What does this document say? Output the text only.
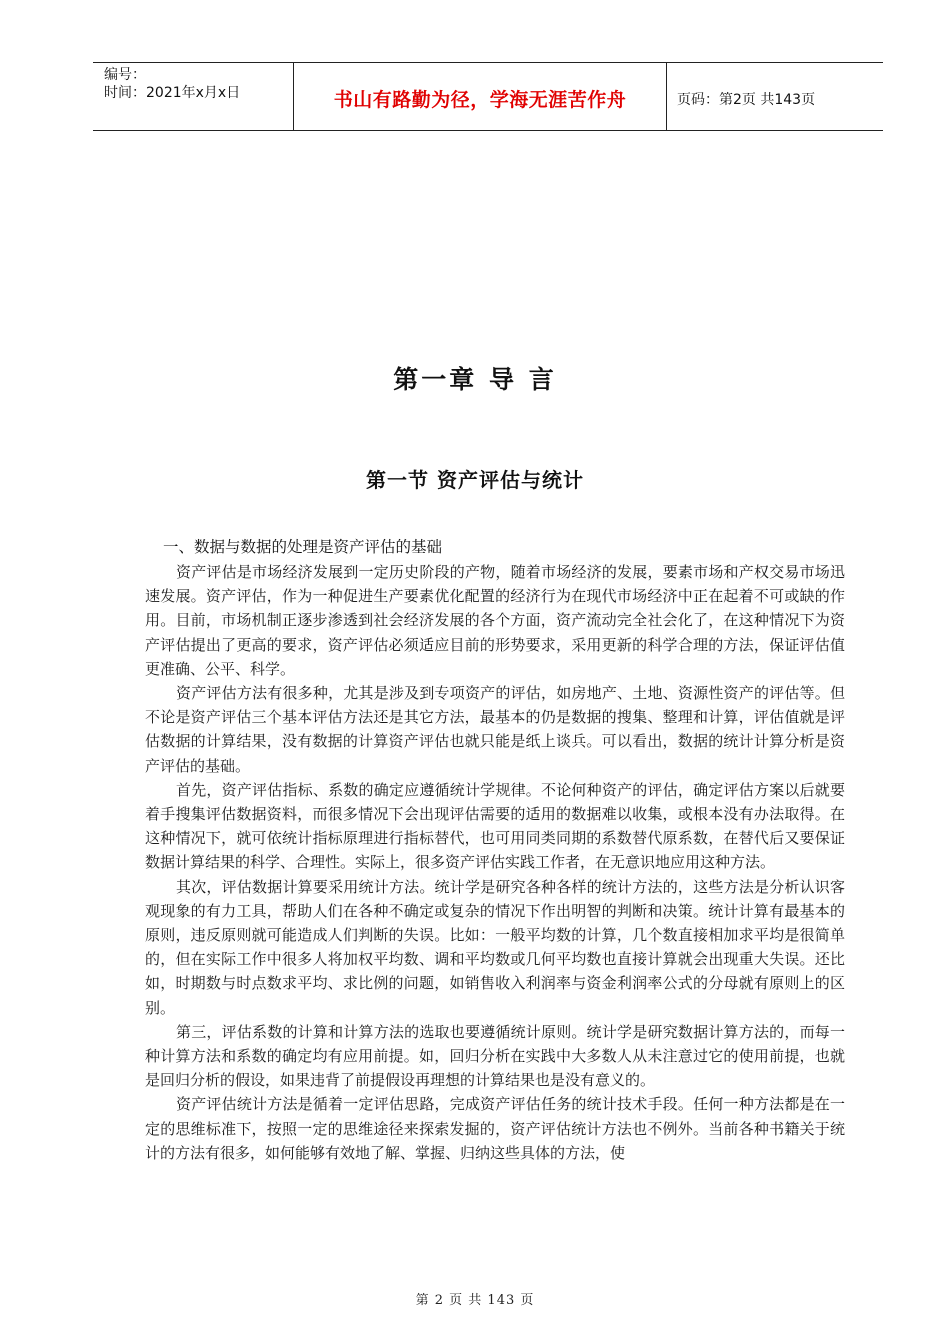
编号：
时间：2021年x月x日	书山有路勤为径，学海无涯苦作舟	页码：第2页 共143页
第一章 导 言
第一节 资产评估与统计
一、数据与数据的处理是资产评估的基础

资产评估是市场经济发展到一定历史阶段的产物，随着市场经济的发展，要素市场和产权交易市场迅速发展。资产评估，作为一种促进生产要素优化配置的经济行为在现代市场经济中正在起着不可或缺的作用。目前，市场机制正逐步渗透到社会经济发展的各个方面，资产流动完全社会化了，在这种情况下为资产评估提出了更高的要求，资产评估必须适应目前的形势要求，采用更新的科学合理的方法，保证评估值更准确、公平、科学。

资产评估方法有很多种，尤其是涉及到专项资产的评估，如房地产、土地、资源性资产的评估等。但不论是资产评估三个基本评估方法还是其它方法，最基本的仍是数据的搜集、整理和计算，评估值就是评估数据的计算结果，没有数据的计算资产评估也就只能是纸上谈兵。可以看出，数据的统计计算分析是资产评估的基础。

首先，资产评估指标、系数的确定应遵循统计学规律。不论何种资产的评估，确定评估方案以后就要着手搜集评估数据资料，而很多情况下会出现评估需要的适用的数据难以收集，或根本没有办法取得。在这种情况下，就可依统计指标原理进行指标替代，也可用同类同期的系数替代原系数，在替代后又要保证数据计算结果的科学、合理性。实际上，很多资产评估实践工作者，在无意识地应用这种方法。

其次，评估数据计算要采用统计方法。统计学是研究各种各样的统计方法的，这些方法是分析认识客观现象的有力工具，帮助人们在各种不确定或复杂的情况下作出明智的判断和决策。统计计算有最基本的原则，违反原则就可能造成人们判断的失误。比如：一般平均数的计算，几个数直接相加求平均是很简单的，但在实际工作中很多人将加权平均数、调和平均数或几何平均数也直接计算就会出现重大失误。还比如，时期数与时点数求平均、求比例的问题，如销售收入利润率与资金利润率公式的分母就有原则上的区别。

第三，评估系数的计算和计算方法的选取也要遵循统计原则。统计学是研究数据计算方法的，而每一种计算方法和系数的确定均有应用前提。如，回归分析在实践中大多数人从未注意过它的使用前提，也就是回归分析的假设，如果违背了前提假设再理想的计算结果也是没有意义的。

资产评估统计方法是循着一定评估思路，完成资产评估任务的统计技术手段。任何一种方法都是在一定的思维标准下，按照一定的思维途径来探索发掘的，资产评估统计方法也不例外。当前各种书籍关于统计的方法有很多，如何能够有效地了解、掌握、归纳这些具体的方法，使

第 2 页 共 143 页
